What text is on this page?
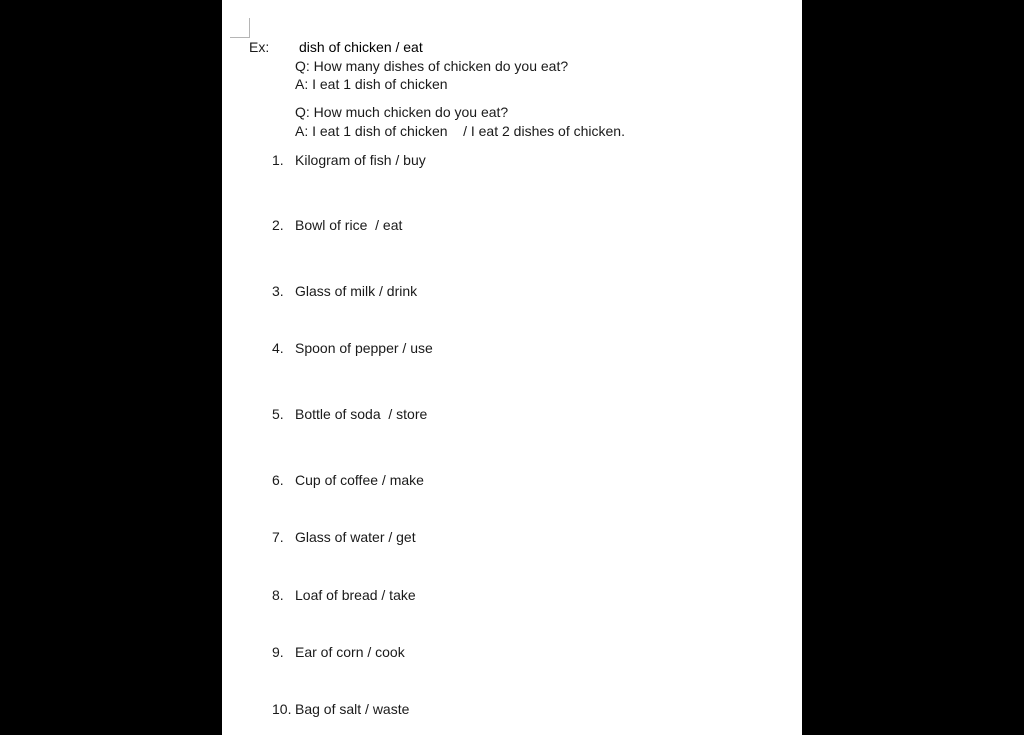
Ex: dish of chicken / eat
Q: How many dishes of chicken do you eat?
A: I eat 1 dish of chicken
Q: How much chicken do you eat?
A: I eat 1 dish of chicken    / I eat 2 dishes of chicken.
1. Kilogram of fish / buy
2. Bowl of rice  / eat
3. Glass of milk / drink
4. Spoon of pepper / use
5. Bottle of soda  / store
6. Cup of coffee / make
7. Glass of water / get
8. Loaf of bread / take
9. Ear of corn / cook
10. Bag of salt / waste
